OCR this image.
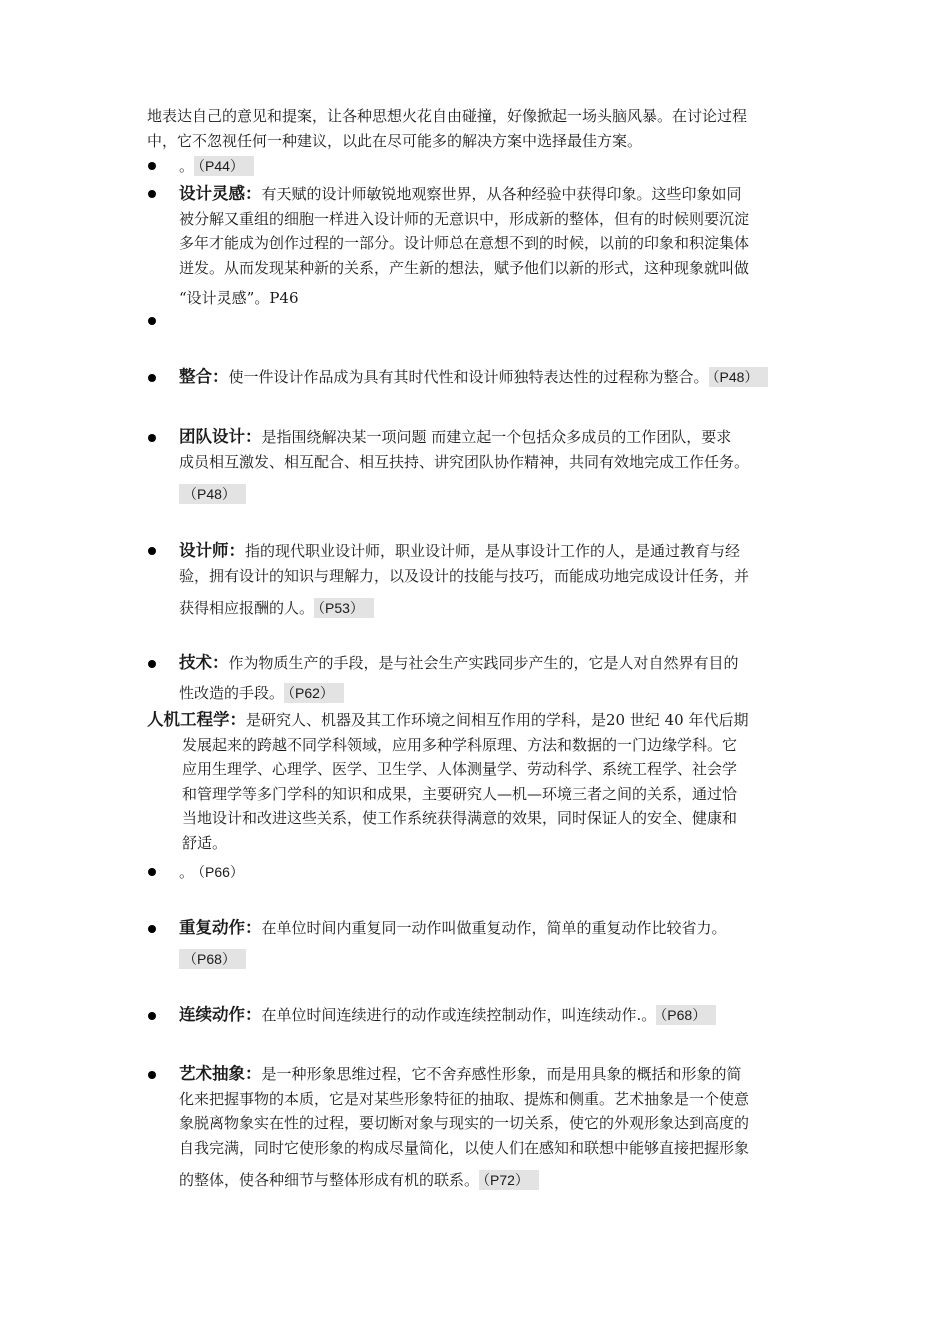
地表达自己的意见和提案，让各种思想火花自由碰撞，好像掀起一场头脑风暴。在讨论过程
中，它不忽视任何一种建议，以此在尽可能多的解决方案中选择最佳方案。
。 （P44）
设计灵感：有天赋的设计师敏锐地观察世界，从各种经验中获得印象。这些印象如同
被分解又重组的细胞一样进入设计师的无意识中，形成新的整体，但有的时候则要沉淀
多年才能成为创作过程的一部分。设计师总在意想不到的时候，以前的印象和积淀集体
迸发。从而发现某种新的关系，产生新的想法，赋予他们以新的形式，这种现象就叫做
“设计灵感”。P46
整合：使一件设计作品成为具有其时代性和设计师独特表达性的过程称为整合。 （P48）
团队设计：是指围绕解决某一项问题 而建立起一个包括众多成员的工作团队，要求
成员相互激发、相互配合、相互扶持、讲究团队协作精神，共同有效地完成工作任务。
（P48）
设计师：指的现代职业设计师，职业设计师，是从事设计工作的人，是通过教育与经
验，拥有设计的知识与理解力，以及设计的技能与技巧，而能成功地完成设计任务，并
获得相应报酬的人。 （P53）
技术：作为物质生产的手段，是与社会生产实践同步产生的，它是人对自然界有目的
性改造的手段。 （P62）
人机工程学：是研究人、机器及其工作环境之间相互作用的学科，是20 世纪 40 年代后期
发展起来的跨越不同学科领域，应用多种学科原理、方法和数据的一门边缘学科。它
应用生理学、心理学、医学、卫生学、人体测量学、劳动科学、系统工程学、社会学
和管理学等多门学科的知识和成果，主要研究人—机—环境三者之间的关系，通过恰
当地设计和改进这些关系，使工作系统获得满意的效果，同时保证人的安全、健康和
舒适。
。 （P66）
重复动作：在单位时间内重复同一动作叫做重复动作，简单的重复动作比较省力。
（P68）
连续动作：在单位时间连续进行的动作或连续控制动作，叫连续动作.。 （P68）
艺术抽象：是一种形象思维过程，它不舍弃感性形象，而是用具象的概括和形象的简
化来把握事物的本质，它是对某些形象特征的抽取、提炼和侧重。艺术抽象是一个使意
象脱离物象实在性的过程，要切断对象与现实的一切关系，使它的外观形象达到高度的
自我完满，同时它使形象的构成尽量简化，以使人们在感知和联想中能够直接把握形象
的整体，使各种细节与整体形成有机的联系。 （P72）
